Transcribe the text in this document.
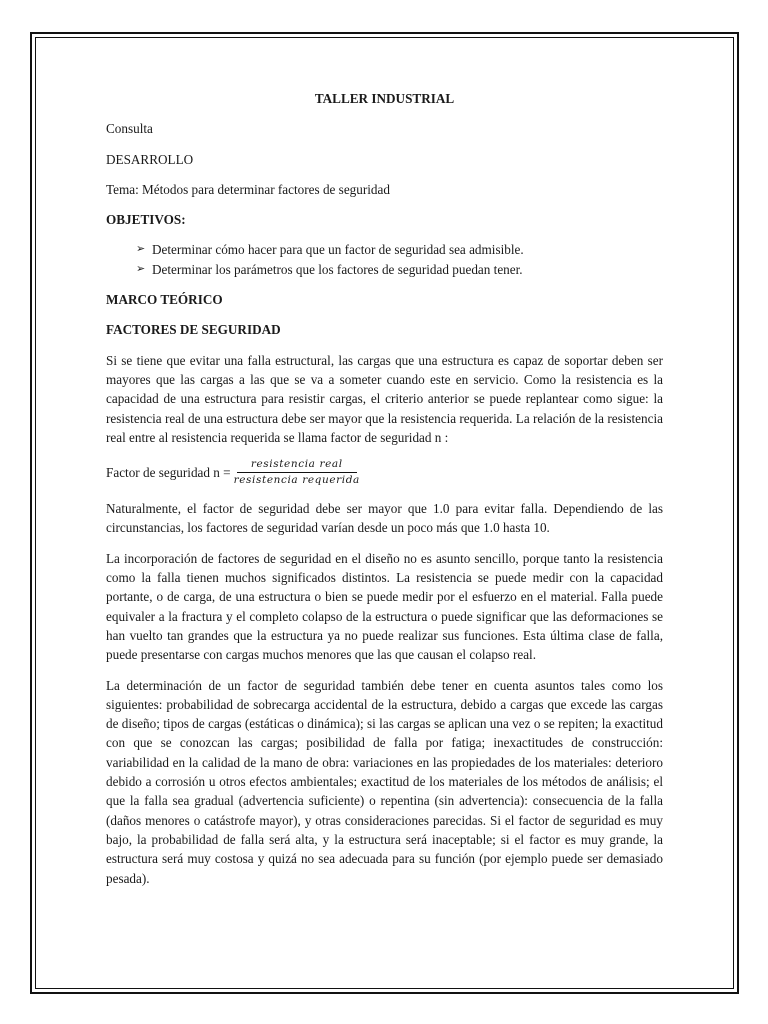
TALLER INDUSTRIAL

Consulta

DESARROLLO

Tema: Métodos para determinar factores de seguridad

OBJETIVOS:

➢ Determinar cómo hacer para que un factor de seguridad sea admisible.
➢ Determinar los parámetros que los factores de seguridad puedan tener.

MARCO TEÓRICO

FACTORES DE SEGURIDAD

Si se tiene que evitar una falla estructural, las cargas que una estructura es capaz de soportar deben ser mayores que las cargas a las que se va a someter cuando este en servicio. Como la resistencia es la capacidad de una estructura para resistir cargas, el criterio anterior se puede replantear como sigue: la resistencia real de una estructura debe ser mayor que la resistencia requerida. La relación de la resistencia real entre al resistencia requerida se llama factor de seguridad n :

Factor de seguridad $n = \frac{\text{resistencia real}}{\text{resistencia requerida}}$

Naturalmente, el factor de seguridad debe ser mayor que 1.0 para evitar falla. Dependiendo de las circunstancias, los factores de seguridad varían desde un poco más que 1.0 hasta 10.

La incorporación de factores de seguridad en el diseño no es asunto sencillo, porque tanto la resistencia como la falla tienen muchos significados distintos. La resistencia se puede medir con la capacidad portante, o de carga, de una estructura o bien se puede medir por el esfuerzo en el material. Falla puede equivaler a la fractura y el completo colapso de la estructura o puede significar que las deformaciones se han vuelto tan grandes que la estructura ya no puede realizar sus funciones. Esta última clase de falla, puede presentarse con cargas muchos menores que las que causan el colapso real.

La determinación de un factor de seguridad también debe tener en cuenta asuntos tales como los siguientes: probabilidad de sobrecarga accidental de la estructura, debido a cargas que excede las cargas de diseño; tipos de cargas (estáticas o dinámica); si las cargas se aplican una vez o se repiten; la exactitud con que se conozcan las cargas; posibilidad de falla por fatiga; inexactitudes de construcción: variabilidad en la calidad de la mano de obra: variaciones en las propiedades de los materiales: deterioro debido a corrosión u otros efectos ambientales; exactitud de los materiales de los métodos de análisis; el que la falla sea gradual (advertencia suficiente) o repentina (sin advertencia): consecuencia de la falla (daños menores o catástrofe mayor), y otras consideraciones parecidas. Si el factor de seguridad es muy bajo, la probabilidad de falla será alta, y la estructura será inaceptable; si el factor es muy grande, la estructura será muy costosa y quizá no sea adecuada para su función (por ejemplo puede ser demasiado pesada).
